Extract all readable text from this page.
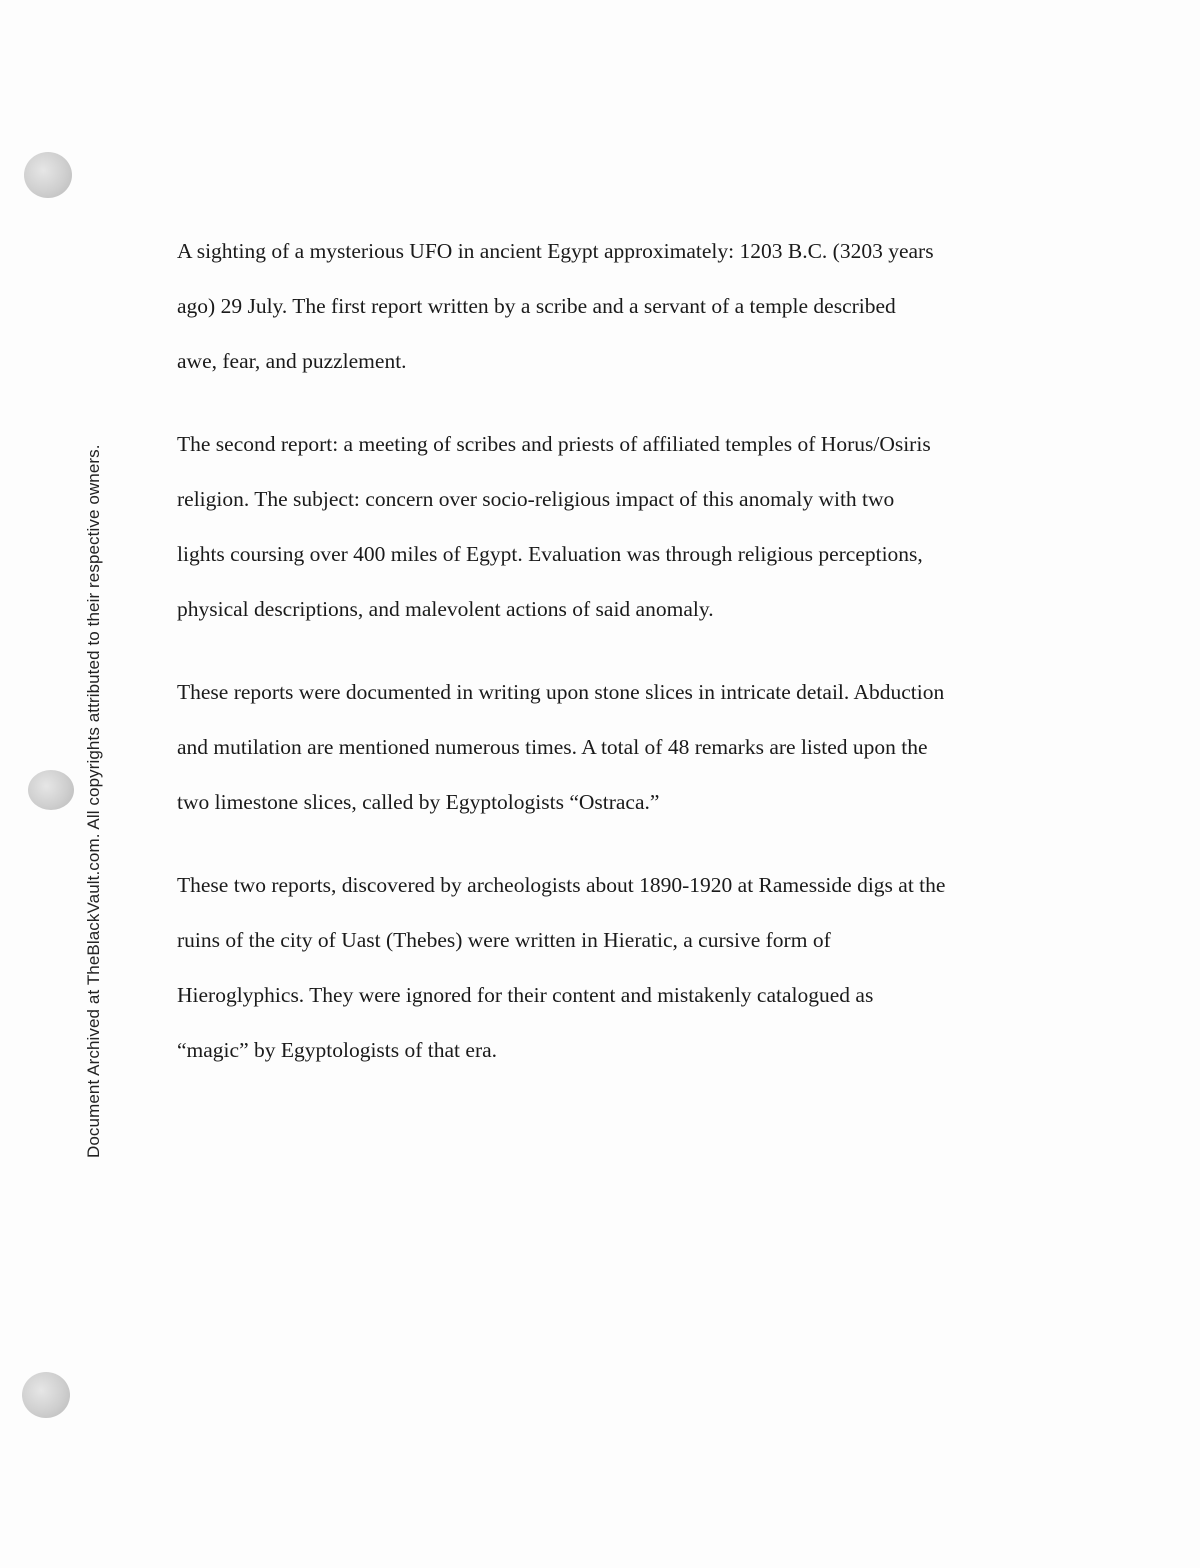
Document Archived at TheBlackVault.com. All copyrights attributed to their respective owners.

A sighting of a mysterious UFO in ancient Egypt approximately: 1203 B.C. (3203 years
ago) 29 July. The first report written by a scribe and a servant of a temple described
awe, fear, and puzzlement.

The second report: a meeting of scribes and priests of affiliated temples of Horus/Osiris
religion. The subject: concern over socio-religious impact of this anomaly with two
lights coursing over 400 miles of Egypt. Evaluation was through religious perceptions,
physical descriptions, and malevolent actions of said anomaly.

These reports were documented in writing upon stone slices in intricate detail. Abduction
and mutilation are mentioned numerous times. A total of 48 remarks are listed upon the
two limestone slices, called by Egyptologists “Ostraca.”

These two reports, discovered by archeologists about 1890-1920 at Ramesside digs at the
ruins of the city of Uast (Thebes) were written in Hieratic, a cursive form of
Hieroglyphics. They were ignored for their content and mistakenly catalogued as
“magic” by Egyptologists of that era.
